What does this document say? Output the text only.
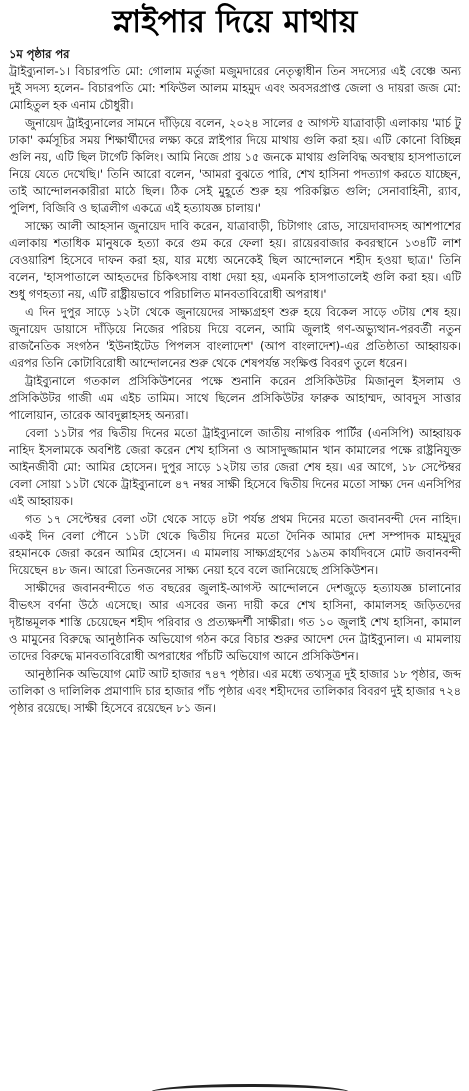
স্নাইপার দিয়ে মাথায়
১ম পৃষ্ঠার পর

ট্রাইব্যুনাল-১। বিচারপতি মো: গোলাম মর্তুজা মজুমদারের নেতৃত্বাধীন তিন সদস্যের এই বেঞ্চে অন্য দুই সদস্য হলেন- বিচারপতি মো: শফিউল আলম মাহমুদ এবং অবসরপ্রাপ্ত জেলা ও দায়রা জজ মো: মোহিতুল হক এনাম চৌধুরী।

জুনায়েদ ট্রাইব্যুনালের সামনে দাঁড়িয়ে বলেন, ২০২৪ সালের ৫ আগস্ট যাত্রাবাড়ী এলাকায় 'মার্চ টু ঢাকা' কর্মসূচির সময় শিক্ষার্থীদের লক্ষ্য করে স্নাইপার দিয়ে মাথায় গুলি করা হয়। এটি কোনো বিচ্ছিন্ন গুলি নয়, এটি ছিল টার্গেট কিলিং। আমি নিজে প্রায় ১৫ জনকে মাথায় গুলিবিদ্ধ অবস্থায় হাসপাতালে নিয়ে যেতে দেখেছি।' তিনি আরো বলেন, 'আমরা বুঝতে পারি, শেখ হাসিনা পদত্যাগ করতে যাচ্ছেন, তাই আন্দোলনকারীরা মাঠে ছিল। ঠিক সেই মুহূর্তে শুরু হয় পরিকল্পিত গুলি; সেনাবাহিনী, র‍্যাব, পুলিশ, বিজিবি ও ছাত্রলীগ একত্রে এই হত্যাযজ্ঞ চালায়।'

সাক্ষ্যে আলী আহসান জুনায়েদ দাবি করেন, যাত্রাবাড়ী, চিটাগাং রোড, সায়েদাবাদসহ আশপাশের এলাকায় শতাধিক মানুষকে হত্যা করে গুম করে ফেলা হয়। রায়েরবাজার কবরস্থানে ১৩৪টি লাশ বেওয়ারিশ হিসেবে দাফন করা হয়, যার মধ্যে অনেকেই ছিল আন্দোলনে শহীদ হওয়া ছাত্র।' তিনি বলেন, 'হাসপাতালে আহতদের চিকিৎসায় বাধা দেয়া হয়, এমনকি হাসপাতালেই গুলি করা হয়। এটি শুধু গণহত্যা নয়, এটি রাষ্ট্রীয়ভাবে পরিচালিত মানবতাবিরোধী অপরাধ।'

এ দিন দুপুর সাড়ে ১২টা থেকে জুনায়েদের সাক্ষ্যগ্রহণ শুরু হয়ে বিকেল সাড়ে ৩টায় শেষ হয়। জুনায়েদ ডায়াসে দাঁড়িয়ে নিজের পরিচয় দিয়ে বলেন, আমি জুলাই গণ-অভ্যুত্থান-পরবর্তী নতুন রাজনৈতিক সংগঠন 'ইউনাইটেড পিপলস বাংলাদেশ' (আপ বাংলাদেশ)-এর প্রতিষ্ঠাতা আহ্বায়ক। এরপর তিনি কোটাবিরোধী আন্দোলনের শুরু থেকে শেষপর্যন্ত সংক্ষিপ্ত বিবরণ তুলে ধরেন।

ট্রাইব্যুনালে গতকাল প্রসিকিউশনের পক্ষে শুনানি করেন প্রসিকিউটর মিজানুল ইসলাম ও প্রসিকিউটর গাজী এম এইচ তামিম। সাথে ছিলেন প্রসিকিউটর ফারুক আহাম্মদ, আবদুস সাত্তার পালোয়ান, তারেক আবদুল্লাহসহ অন্যরা।

বেলা ১১টার পর দ্বিতীয় দিনের মতো ট্রাইব্যুনালে জাতীয় নাগরিক পার্টির (এনসিপি) আহ্বায়ক নাহিদ ইসলামকে অবশিষ্ট জেরা করেন শেখ হাসিনা ও আসাদুজ্জামান খান কামালের পক্ষে রাষ্ট্রনিযুক্ত আইনজীবী মো: আমির হোসেন। দুপুর সাড়ে ১২টায় তার জেরা শেষ হয়। এর আগে, ১৮ সেপ্টেম্বর বেলা সোয়া ১১টা থেকে ট্রাইব্যুনালে ৪৭ নম্বর সাক্ষী হিসেবে দ্বিতীয় দিনের মতো সাক্ষ্য দেন এনসিপির এই আহ্বায়ক।

গত ১৭ সেপ্টেম্বর বেলা ৩টা থেকে সাড়ে ৪টা পর্যন্ত প্রথম দিনের মতো জবানবন্দী দেন নাহিদ। একই দিন বেলা পৌনে ১১টা থেকে দ্বিতীয় দিনের মতো দৈনিক আমার দেশ সম্পাদক মাহমুদুর রহমানকে জেরা করেন আমির হোসেন। এ মামলায় সাক্ষ্যগ্রহণের ১৯তম কার্যদিবসে মোট জবানবন্দী দিয়েছেন ৪৮ জন। আরো তিনজনের সাক্ষ্য নেয়া হবে বলে জানিয়েছে প্রসিকিউশন।

সাক্ষীদের জবানবন্দীতে গত বছরের জুলাই-আগস্ট আন্দোলনে দেশজুড়ে হত্যাযজ্ঞ চালানোর বীভৎস বর্ণনা উঠে এসেছে। আর এসবের জন্য দায়ী করে শেখ হাসিনা, কামালসহ জড়িতদের দৃষ্টান্তমূলক শাস্তি চেয়েছেন শহীদ পরিবার ও প্রত্যক্ষদর্শী সাক্ষীরা। গত ১০ জুলাই শেখ হাসিনা, কামাল ও মামুনের বিরুদ্ধে আনুষ্ঠানিক অভিযোগ গঠন করে বিচার শুরুর আদেশ দেন ট্রাইব্যুনাল। এ মামলায় তাদের বিরুদ্ধে মানবতাবিরোধী অপরাধের পাঁচটি অভিযোগ আনে প্রসিকিউশন।

আনুষ্ঠানিক অভিযোগ মোট আট হাজার ৭৪৭ পৃষ্ঠার। এর মধ্যে তথ্যসূত্র দুই হাজার ১৮ পৃষ্ঠার, জব্দ তালিকা ও দালিলিক প্রমাণাদি চার হাজার পাঁচ পৃষ্ঠার এবং শহীদদের তালিকার বিবরণ দুই হাজার ৭২৪ পৃষ্ঠার রয়েছে। সাক্ষী হিসেবে রয়েছেন ৮১ জন।
